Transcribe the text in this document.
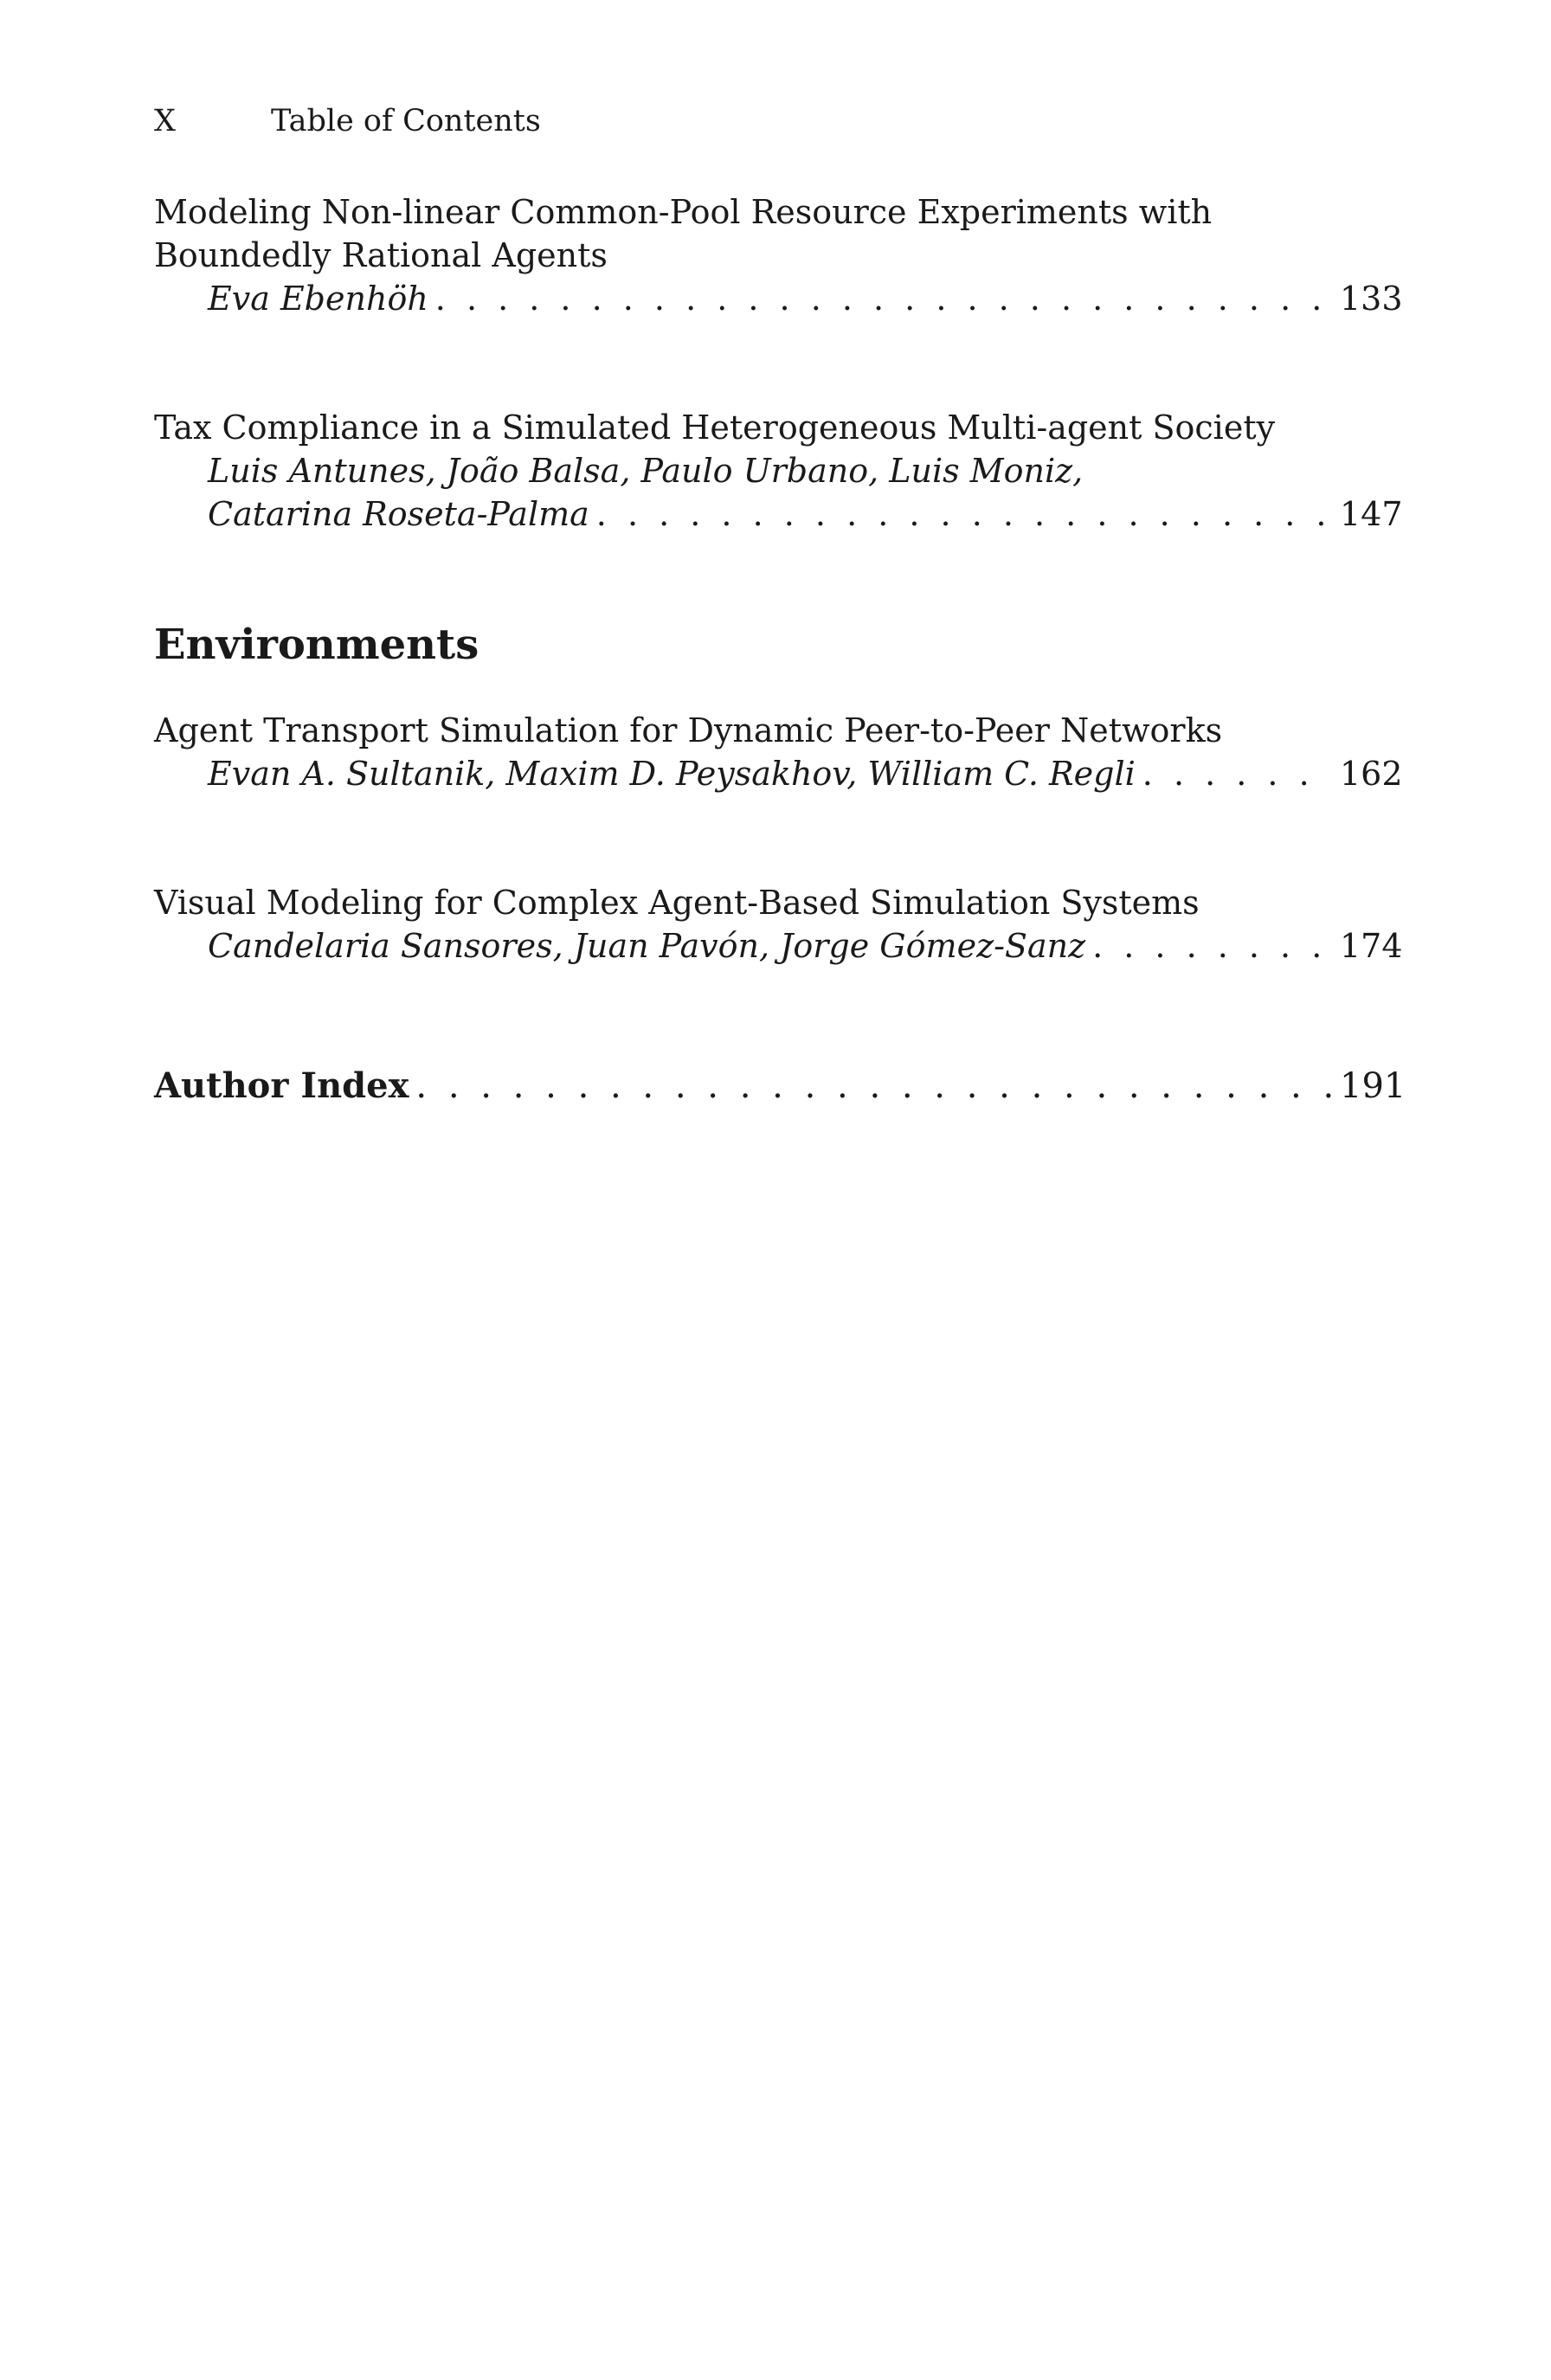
X	Table of Contents
Modeling Non-linear Common-Pool Resource Experiments with
Boundedly Rational Agents
Eva Ebenhöh . . .	133
Tax Compliance in a Simulated Heterogeneous Multi-agent Society
Luis Antunes, João Balsa, Paulo Urbano, Luis Moniz,
Catarina Roseta-Palma . . .	147
Environments
Agent Transport Simulation for Dynamic Peer-to-Peer Networks
Evan A. Sultanik, Maxim D. Peysakhov, William C. Regli . . .	162
Visual Modeling for Complex Agent-Based Simulation Systems
Candelaria Sansores, Juan Pavón, Jorge Gómez-Sanz . . .	174
Author Index . . .	191
